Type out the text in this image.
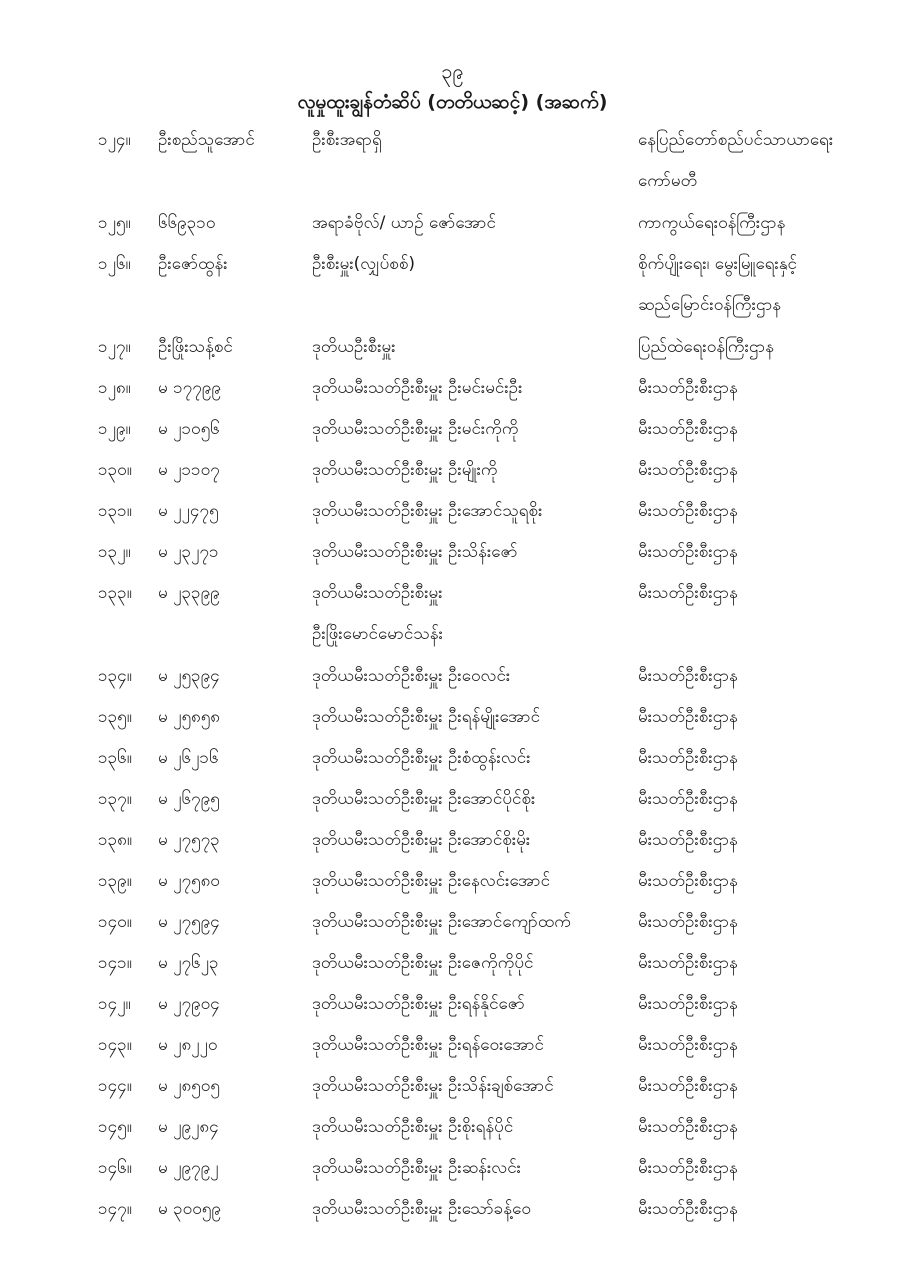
၃၉
လူမှုထူးချွန်တံဆိပ် (တတိယဆင့်) (အဆက်)
၁၂၄။ ဦးစည်သူအောင်	ဦးစီးအရာရှိ	နေပြည်တော်စည်ပင်သာယာရေး
ကော်မတီ
၁၂၅။ ၆၆၉၃၁၀	အရာခံဗိုလ်/ ယာဉ် ဇော်အောင်	ကာကွယ်ရေးဝန်ကြီးဌာန
၁၂၆။ ဦးဇော်ထွန်း	ဦးစီးမှူး(လျှပ်စစ်)	စိုက်ပျိုးရေး၊ မွေးမြူရေးနှင့်
ဆည်မြောင်းဝန်ကြီးဌာန
၁၂၇။ ဦးဖြိုးသန့်စင်	ဒုတိယဦးစီးမှူး	ပြည်ထဲရေးဝန်ကြီးဌာန
၁၂၈။ မ ၁၇၇၉၉	ဒုတိယမီးသတ်ဦးစီးမှူး ဦးမင်းမင်းဦး	မီးသတ်ဦးစီးဌာန
၁၂၉။ မ ၂၁၀၅၆	ဒုတိယမီးသတ်ဦးစီးမှူး ဦးမင်းကိုကို	မီးသတ်ဦးစီးဌာန
၁၃၀။ မ ၂၁၁၀၇	ဒုတိယမီးသတ်ဦးစီးမှူး ဦးမျိုးကို	မီးသတ်ဦးစီးဌာန
၁၃၁။ မ ၂၂၄၇၅	ဒုတိယမီးသတ်ဦးစီးမှူး ဦးအောင်သူရစိုး	မီးသတ်ဦးစီးဌာန
၁၃၂။ မ ၂၃၂၇၁	ဒုတိယမီးသတ်ဦးစီးမှူး ဦးသိန်းဇော်	မီးသတ်ဦးစီးဌာန
၁၃၃။ မ ၂၃၃၉၉	ဒုတိယမီးသတ်ဦးစီးမှူး	မီးသတ်ဦးစီးဌာန
ဦးဖြိုးမောင်မောင်သန်း
၁၃၄။ မ ၂၅၃၉၄	ဒုတိယမီးသတ်ဦးစီးမှူး ဦးဝေလင်း	မီးသတ်ဦးစီးဌာန
၁၃၅။ မ ၂၅၈၅၈	ဒုတိယမီးသတ်ဦးစီးမှူး ဦးရန်မျိုးအောင်	မီးသတ်ဦးစီးဌာန
၁၃၆။ မ ၂၆၂၁၆	ဒုတိယမီးသတ်ဦးစီးမှူး ဦးစံထွန်းလင်း	မီးသတ်ဦးစီးဌာန
၁၃၇။ မ ၂၆၇၉၅	ဒုတိယမီးသတ်ဦးစီးမှူး ဦးအောင်ပိုင်စိုး	မီးသတ်ဦးစီးဌာန
၁၃၈။ မ ၂၇၅၇၃	ဒုတိယမီးသတ်ဦးစီးမှူး ဦးအောင်စိုးမိုး	မီးသတ်ဦးစီးဌာန
၁၃၉။ မ ၂၇၅၈၀	ဒုတိယမီးသတ်ဦးစီးမှူး ဦးနေလင်းအောင်	မီးသတ်ဦးစီးဌာန
၁၄၀။ မ ၂၇၅၉၄	ဒုတိယမီးသတ်ဦးစီးမှူး ဦးအောင်ကျော်ထက်	မီးသတ်ဦးစီးဌာန
၁၄၁။ မ ၂၇၆၂၃	ဒုတိယမီးသတ်ဦးစီးမှူး ဦးဇေကိုကိုပိုင်	မီးသတ်ဦးစီးဌာန
၁၄၂။ မ ၂၇၉၀၄	ဒုတိယမီးသတ်ဦးစီးမှူး ဦးရန်နိုင်ဇော်	မီးသတ်ဦးစီးဌာန
၁၄၃။ မ ၂၈၂၂၀	ဒုတိယမီးသတ်ဦးစီးမှူး ဦးရန်ဝေးအောင်	မီးသတ်ဦးစီးဌာန
၁၄၄။ မ ၂၈၅၀၅	ဒုတိယမီးသတ်ဦးစီးမှူး ဦးသိန်းချစ်အောင်	မီးသတ်ဦးစီးဌာန
၁၄၅။ မ ၂၉၂၈၄	ဒုတိယမီးသတ်ဦးစီးမှူး ဦးစိုးရန်ပိုင်	မီးသတ်ဦးစီးဌာန
၁၄၆။ မ ၂၉၇၉၂	ဒုတိယမီးသတ်ဦးစီးမှူး ဦးဆန်းလင်း	မီးသတ်ဦးစီးဌာန
၁၄၇။ မ ၃၀၀၅၉	ဒုတိယမီးသတ်ဦးစီးမှူး ဦးသော်ခန့်ဝေ	မီးသတ်ဦးစီးဌာန
